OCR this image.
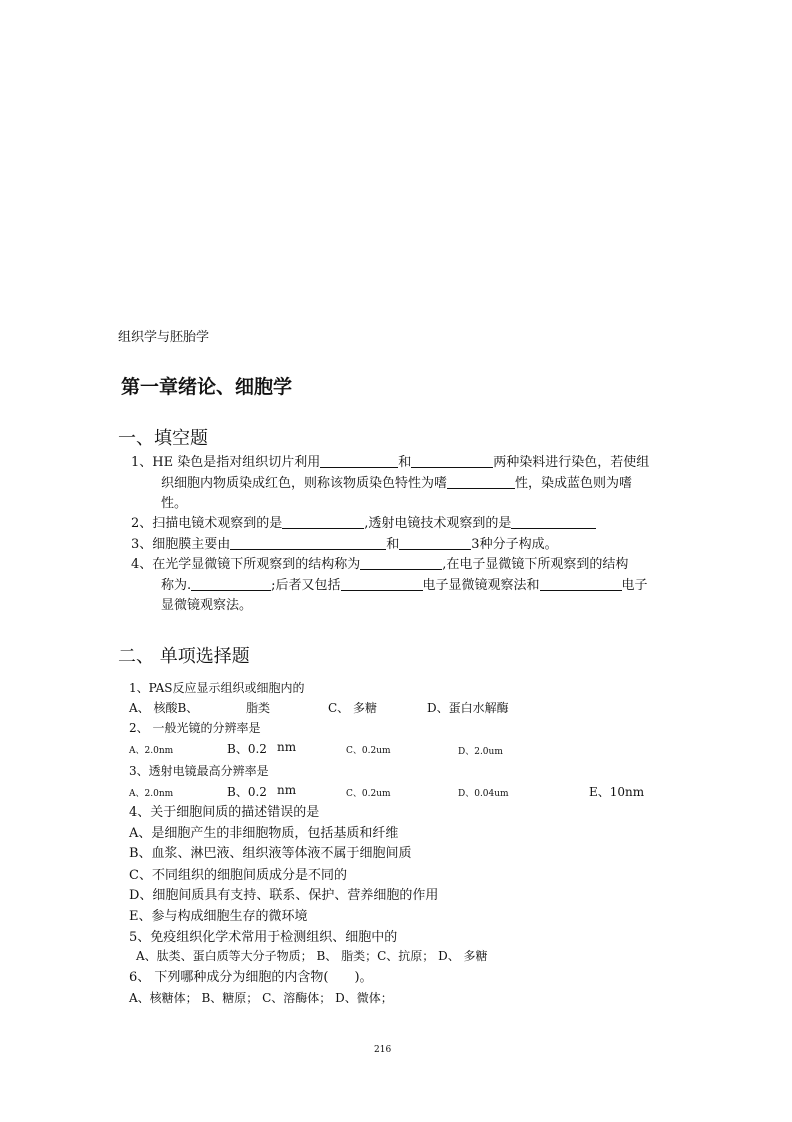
组织学与胚胎学
第一章绪论、细胞学
一、填空题
1、HE 染色是指对组织切片利用	和	两种染料进行染色，若使组
织细胞内物质染成红色，则称该物质染色特性为嗜	性，染成蓝色则为嗜
性。
2、扫描电镜术观察到的是	,透射电镜技术观察到的是
3、细胞膜主要由	和	3种分子构成。
4、在光学显微镜下所观察到的结构称为	,在电子显微镜下所观察到的结构
称为.	;后者又包括	电子显微镜观察法和	电子
显微镜观察法。
二、 单项选择题
1、PAS反应显示组织或细胞内的
A、 核酸B、	脂类	C、 多糖	D、蛋白水解酶
2、 一般光镜的分辨率是
A、2.0nm	B、0.2 nm	C、0.2um	D、2.0um
3、透射电镜最高分辨率是
A、2.0nm	B、0.2 nm	C、0.2um	D、0.04um	E、10nm
4、关于细胞间质的描述错误的是
A、是细胞产生的非细胞物质，包括基质和纤维
B、血浆、淋巴液、组织液等体液不属于细胞间质
C、不同组织的细胞间质成分是不同的
D、细胞间质具有支持、联系、保护、营养细胞的作用
E、参与构成细胞生存的微环境
5、免疫组织化学术常用于检测组织、细胞中的
A、肽类、蛋白质等大分子物质； B、 脂类；C、抗原； D、 多糖
6、 下列哪种成分为细胞的内含物(　　)。
A、核糖体； B、糖原； C、溶酶体； D、微体；
216
